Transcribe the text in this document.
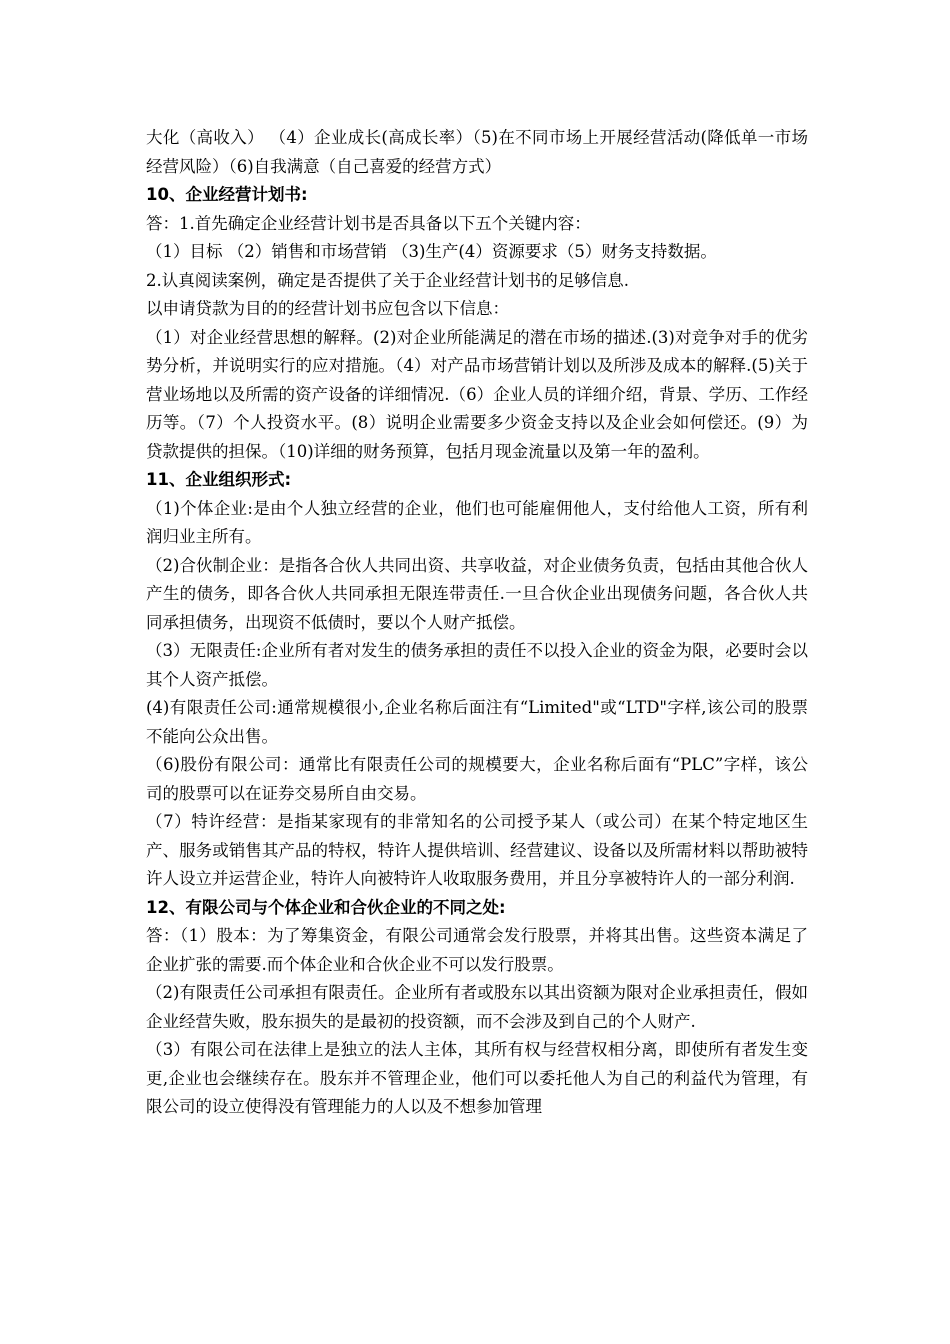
大化（高收入） （4）企业成长(高成长率）（5)在不同市场上开展经营活动(降低单一市场经营风险）（6)自我满意（自己喜爱的经营方式）

10、企业经营计划书:

答：1.首先确定企业经营计划书是否具备以下五个关键内容：

（1）目标 （2）销售和市场营销 （3)生产(4）资源要求（5）财务支持数据。

2.认真阅读案例，确定是否提供了关于企业经营计划书的足够信息.

以申请贷款为目的的经营计划书应包含以下信息：

（1）对企业经营思想的解释。(2)对企业所能满足的潜在市场的描述.(3)对竞争对手的优劣势分析，并说明实行的应对措施。（4）对产品市场营销计划以及所涉及成本的解释.(5)关于营业场地以及所需的资产设备的详细情况.（6）企业人员的详细介绍，背景、学历、工作经历等。（7）个人投资水平。(8）说明企业需要多少资金支持以及企业会如何偿还。(9）为贷款提供的担保。（10)详细的财务预算，包括月现金流量以及第一年的盈利。

11、企业组织形式:

（1)个体企业:是由个人独立经营的企业，他们也可能雇佣他人，支付给他人工资，所有利润归业主所有。

（2)合伙制企业：是指各合伙人共同出资、共享收益，对企业债务负责，包括由其他合伙人产生的债务，即各合伙人共同承担无限连带责任.一旦合伙企业出现债务问题，各合伙人共同承担债务，出现资不低债时，要以个人财产抵偿。

（3）无限责任:企业所有者对发生的债务承担的责任不以投入企业的资金为限，必要时会以其个人资产抵偿。

(4)有限责任公司:通常规模很小,企业名称后面注有“Limited"或“LTD"字样,该公司的股票不能向公众出售。

（6)股份有限公司：通常比有限责任公司的规模要大，企业名称后面有“PLC”字样，该公司的股票可以在证券交易所自由交易。

（7）特许经营：是指某家现有的非常知名的公司授予某人（或公司）在某个特定地区生产、服务或销售其产品的特权，特许人提供培训、经营建议、设备以及所需材料以帮助被特许人设立并运营企业，特许人向被特许人收取服务费用，并且分享被特许人的一部分利润.

12、有限公司与个体企业和合伙企业的不同之处:

答：（1）股本：为了筹集资金，有限公司通常会发行股票，并将其出售。这些资本满足了企业扩张的需要.而个体企业和合伙企业不可以发行股票。

（2)有限责任公司承担有限责任。企业所有者或股东以其出资额为限对企业承担责任，假如企业经营失败，股东损失的是最初的投资额，而不会涉及到自己的个人财产.

（3）有限公司在法律上是独立的法人主体，其所有权与经营权相分离，即使所有者发生变更,企业也会继续存在。股东并不管理企业，他们可以委托他人为自己的利益代为管理，有限公司的设立使得没有管理能力的人以及不想参加管理
